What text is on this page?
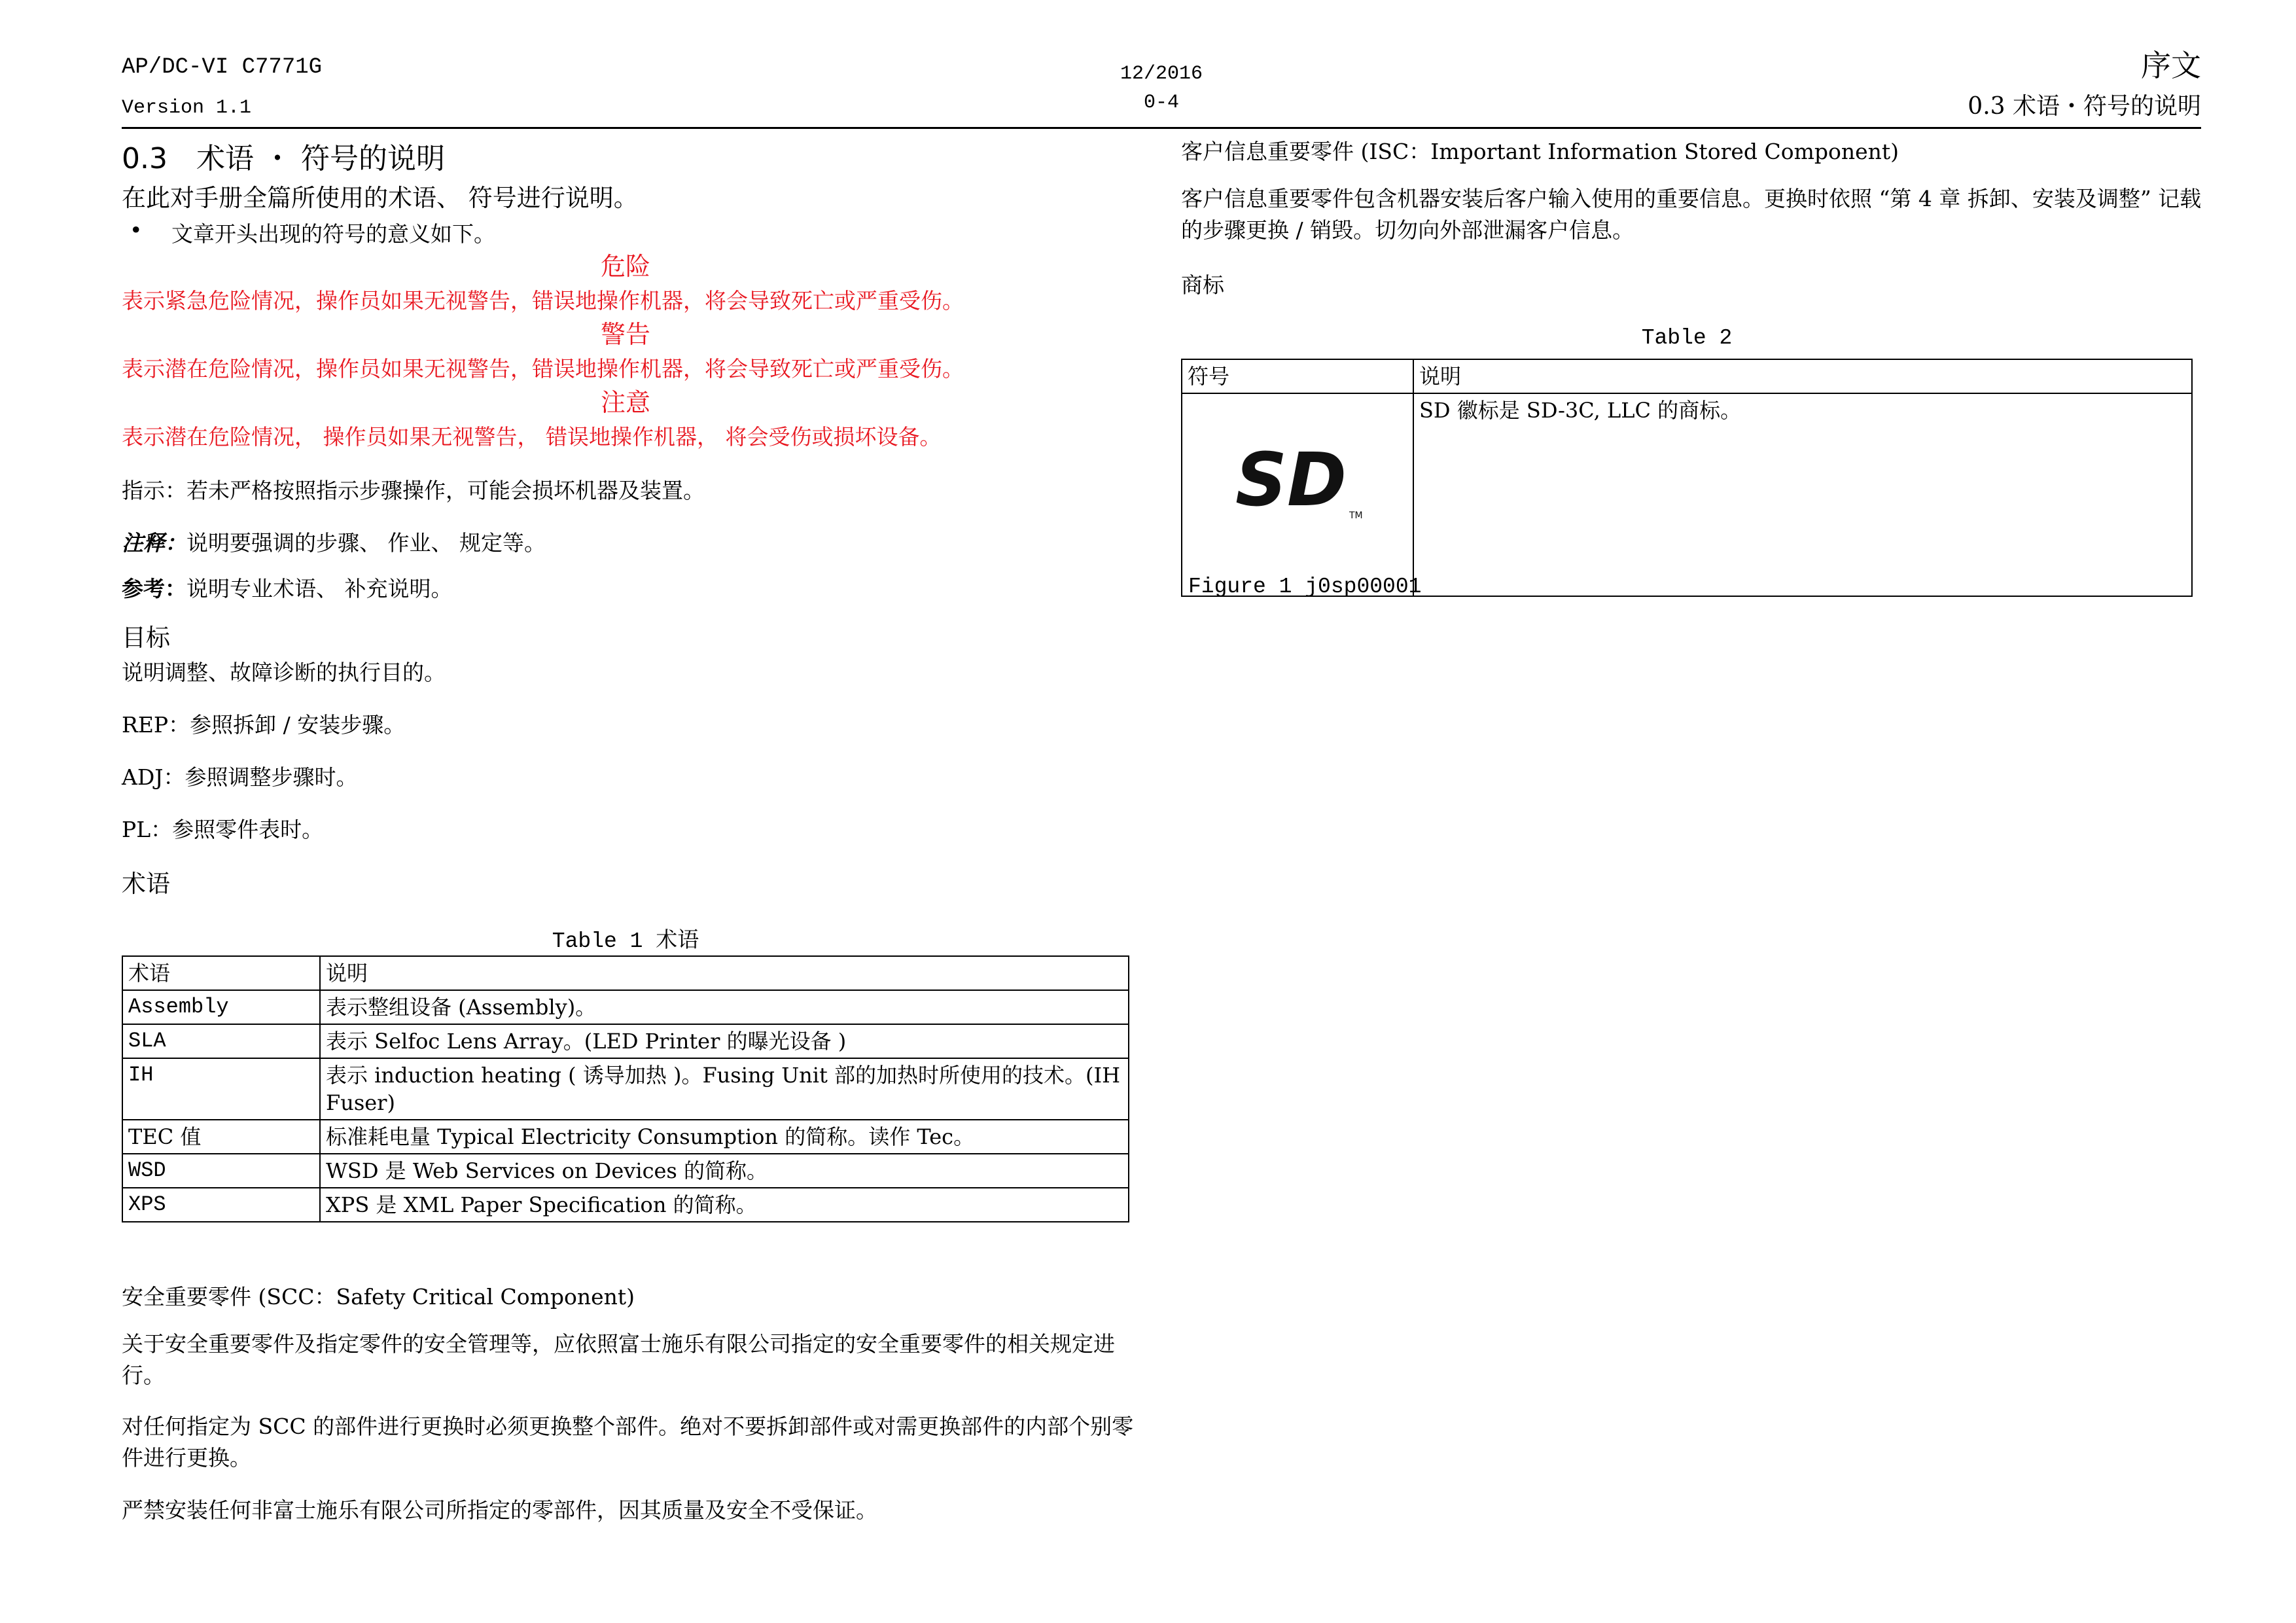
AP/DC-VI C7771G
Version 1.1
12/2016
0-4
序文
0.3 术语・符号的说明
0.3　术语 ・ 符号的说明
在此对手册全篇所使用的术语、 符号进行说明。
• 文章开头出现的符号的意义如下。
危险
表示紧急危险情况，操作员如果无视警告，错误地操作机器，将会导致死亡或严重受伤。
警告
表示潜在危险情况，操作员如果无视警告，错误地操作机器，将会导致死亡或严重受伤。
注意
表示潜在危险情况， 操作员如果无视警告， 错误地操作机器， 将会受伤或损坏设备。
指示：若未严格按照指示步骤操作，可能会损坏机器及装置。
注释：说明要强调的步骤、 作业、 规定等。
参考：说明专业术语、 补充说明。
目标
说明调整、故障诊断的执行目的。
REP：参照拆卸 / 安装步骤。
ADJ：参照调整步骤时。
PL：参照零件表时。
术语
Table 1 术语
术语	说明
Assembly	表示整组设备 (Assembly)。
SLA	表示 Selfoc Lens Array。(LED Printer 的曝光设备 )
IH	表示 induction heating ( 诱导加热 )。Fusing Unit 部的加热时所使用的技术。(IH Fuser)
TEC 值	标准耗电量 Typical Electricity Consumption 的简称。读作 Tec。
WSD	WSD 是 Web Services on Devices 的简称。
XPS	XPS 是 XML Paper Specification 的简称。
安全重要零件 (SCC：Safety Critical Component)
关于安全重要零件及指定零件的安全管理等，应依照富士施乐有限公司指定的安全重要零件的相关规定进行。
对任何指定为 SCC 的部件进行更换时必须更换整个部件。绝对不要拆卸部件或对需更换部件的内部个别零件进行更换。
严禁安装任何非富士施乐有限公司所指定的零部件，因其质量及安全不受保证。
客户信息重要零件 (ISC：Important Information Stored Component)
客户信息重要零件包含机器安装后客户输入使用的重要信息。更换时依照 “第 4 章 拆卸、安装及调整” 记载的步骤更换 / 销毁。切勿向外部泄漏客户信息。
商标
Table 2
符号	说明
	SD 徽标是 SD-3C, LLC 的商标。
SD TM
Figure 1 j0sp00001
